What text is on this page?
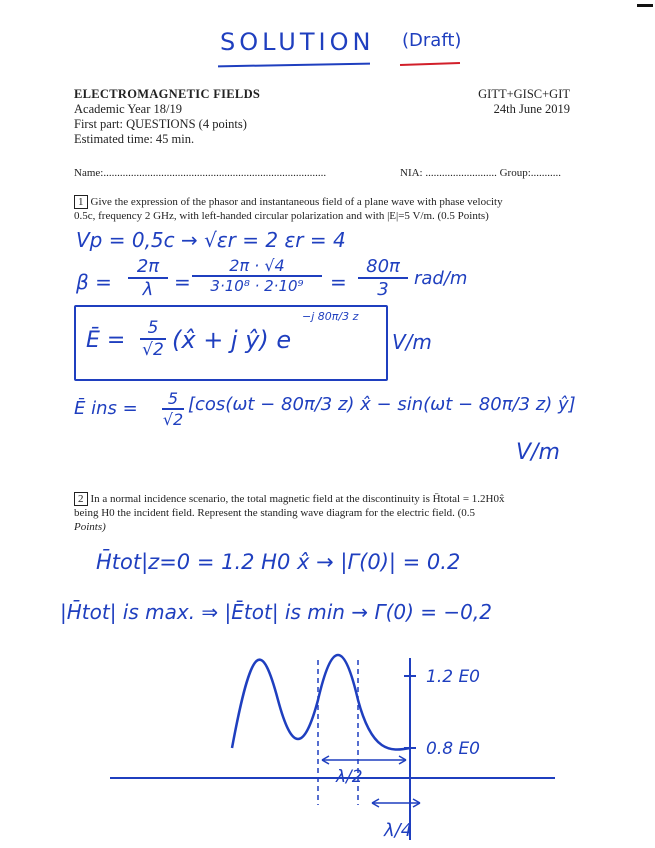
SOLUTION (Draft)
ELECTROMAGNETIC FIELDS
Academic Year 18/19
First part: QUESTIONS (4 points)
Estimated time: 45 min.
GITT+GISC+GIT
24th June 2019
Name:.................................................................................	NIA: .......................... Group:...........
1 Give the expression of the phasor and instantaneous field of a plane wave with phase velocity
0.5c, frequency 2 GHz, with left-handed circular polarization and with |E|=5 V/m. (0.5 Points)
Vp = 0,5c → √εr = 2 εr = 4
$\beta = \frac{2\pi}{\lambda} = \frac{2\pi \cdot √4}{\text{3·10⁸ · 2·10⁹}} = \frac{80\pi}{3} rad/m$
Ē = $\frac{5}{√2}$ (x̂ + j ŷ) e
−j 80π/3 z
V/m
Ē ins = $\frac{5}{√2} [\cos(\omega t - 80\pi/3$ z) x̂ − sin(ωt − 80π/3 z) ŷ]
V/m
2 In a normal incidence scenario, the total magnetic field at the discontinuity is H̄total = 1.2H0x̂
being H0 the incident field. Represent the standing wave diagram for the electric field. (0.5
Points)
H̄tot|z=0 = 1.2 H0 x̂ → |Γ(0)| = 0.2
|H̄tot| is max. ⇒ |Ētot| is min → Γ(0) = −0,2
1.2 E0
0.8 E0
λ/2
λ/4
